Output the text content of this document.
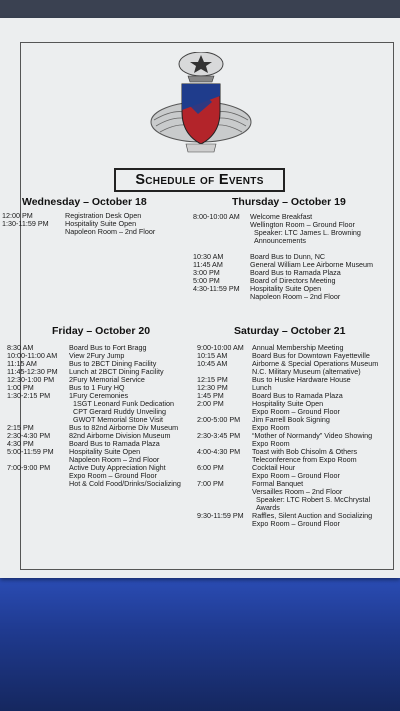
Schedule of Events
Wednesday – October 18	Thursday – October 19
Friday – October 20	Saturday – October 21
12:00 PM	Registration Desk Open
1:30-11:59 PM	Hospitality Suite Open
Napoleon Room – 2nd Floor
8:00-10:00 AM	Welcome Breakfast
Wellington Room – Ground Floor
Speaker: LTC James L. Browning
Announcements
10:30 AM	Board Bus to Dunn, NC
11:45 AM	General William Lee Airborne Museum
3:00 PM	Board Bus to Ramada Plaza
5:00 PM	Board of Directors Meeting
4:30-11:59 PM	Hospitality Suite Open
Napoleon Room – 2nd Floor
8:30 AM	Board Bus to Fort Bragg
10:00-11:00 AM	View 2Fury Jump
11:15 AM	Bus to 2BCT Dining Facility
11:45-12:30 PM	Lunch at 2BCT Dining Facility
12:30-1:00 PM	2Fury Memorial Service
1:00 PM	Bus to 1 Fury HQ
1:30-2:15 PM	1Fury Ceremonies
1SGT Leonard Funk Dedication
CPT Gerard Ruddy Unveiling
GWOT Memorial Stone Visit
2:15 PM	Bus to 82nd Airborne Div Museum
2:30-4:30 PM	82nd Airborne Division Museum
4:30 PM	Board Bus to Ramada Plaza
5:00-11:59 PM	Hospitality Suite Open
Napoleon Room – 2nd Floor
7:00-9:00 PM	Active Duty Appreciation Night
Expo Room – Ground Floor
Hot & Cold Food/Drinks/Socializing
9:00-10:00 AM	Annual Membership Meeting
10:15 AM	Board Bus for Downtown Fayetteville
10:45 AM	Airborne & Special Operations Museum
N.C. Military Museum (alternative)
12:15 PM	Bus to Huske Hardware House
12:30 PM	Lunch
1:45 PM	Board Bus to Ramada Plaza
2:00 PM	Hospitality Suite Open
Expo Room – Ground Floor
2:00-5:00 PM	Jim Farrell Book Signing
Expo Room
2:30-3:45 PM	“Mother of Normandy” Video Showing
Expo Room
4:00-4:30 PM	Toast with Bob Chisolm & Others
Teleconference from Expo Room
6:00 PM	Cocktail Hour
Expo Room – Ground Floor
7:00 PM	Formal Banquet
Versailles Room – 2nd Floor
Speaker: LTC Robert S. McChrystal
Awards
9:30-11:59 PM	Raffles, Silent Auction and Socializing
Expo Room – Ground Floor
